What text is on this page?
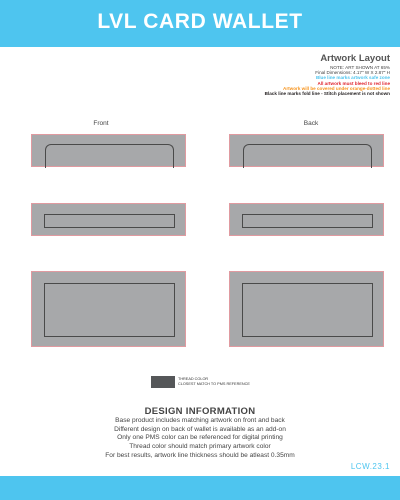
LVL CARD WALLET
Artwork Layout
NOTE: ART SHOWN AT 65%
Final Dimensions: 4.17" W X 2.87" H
Blue line marks artwork safe zone
All artwork must bleed to red line
Artwork will be covered under orange-dotted line
Black line marks fold line - Stitch placement is not shown
Front	Back
THREAD COLOR
CLOSEST MATCH TO PMS REFERENCE
DESIGN INFORMATION
Base product includes matching artwork on front and back
Different design on back of wallet is available as an add-on
Only one PMS color can be referenced for digital printing
Thread color should match primary artwork color
For best results, artwork line thickness should be atleast 0.35mm
LCW.23.1
